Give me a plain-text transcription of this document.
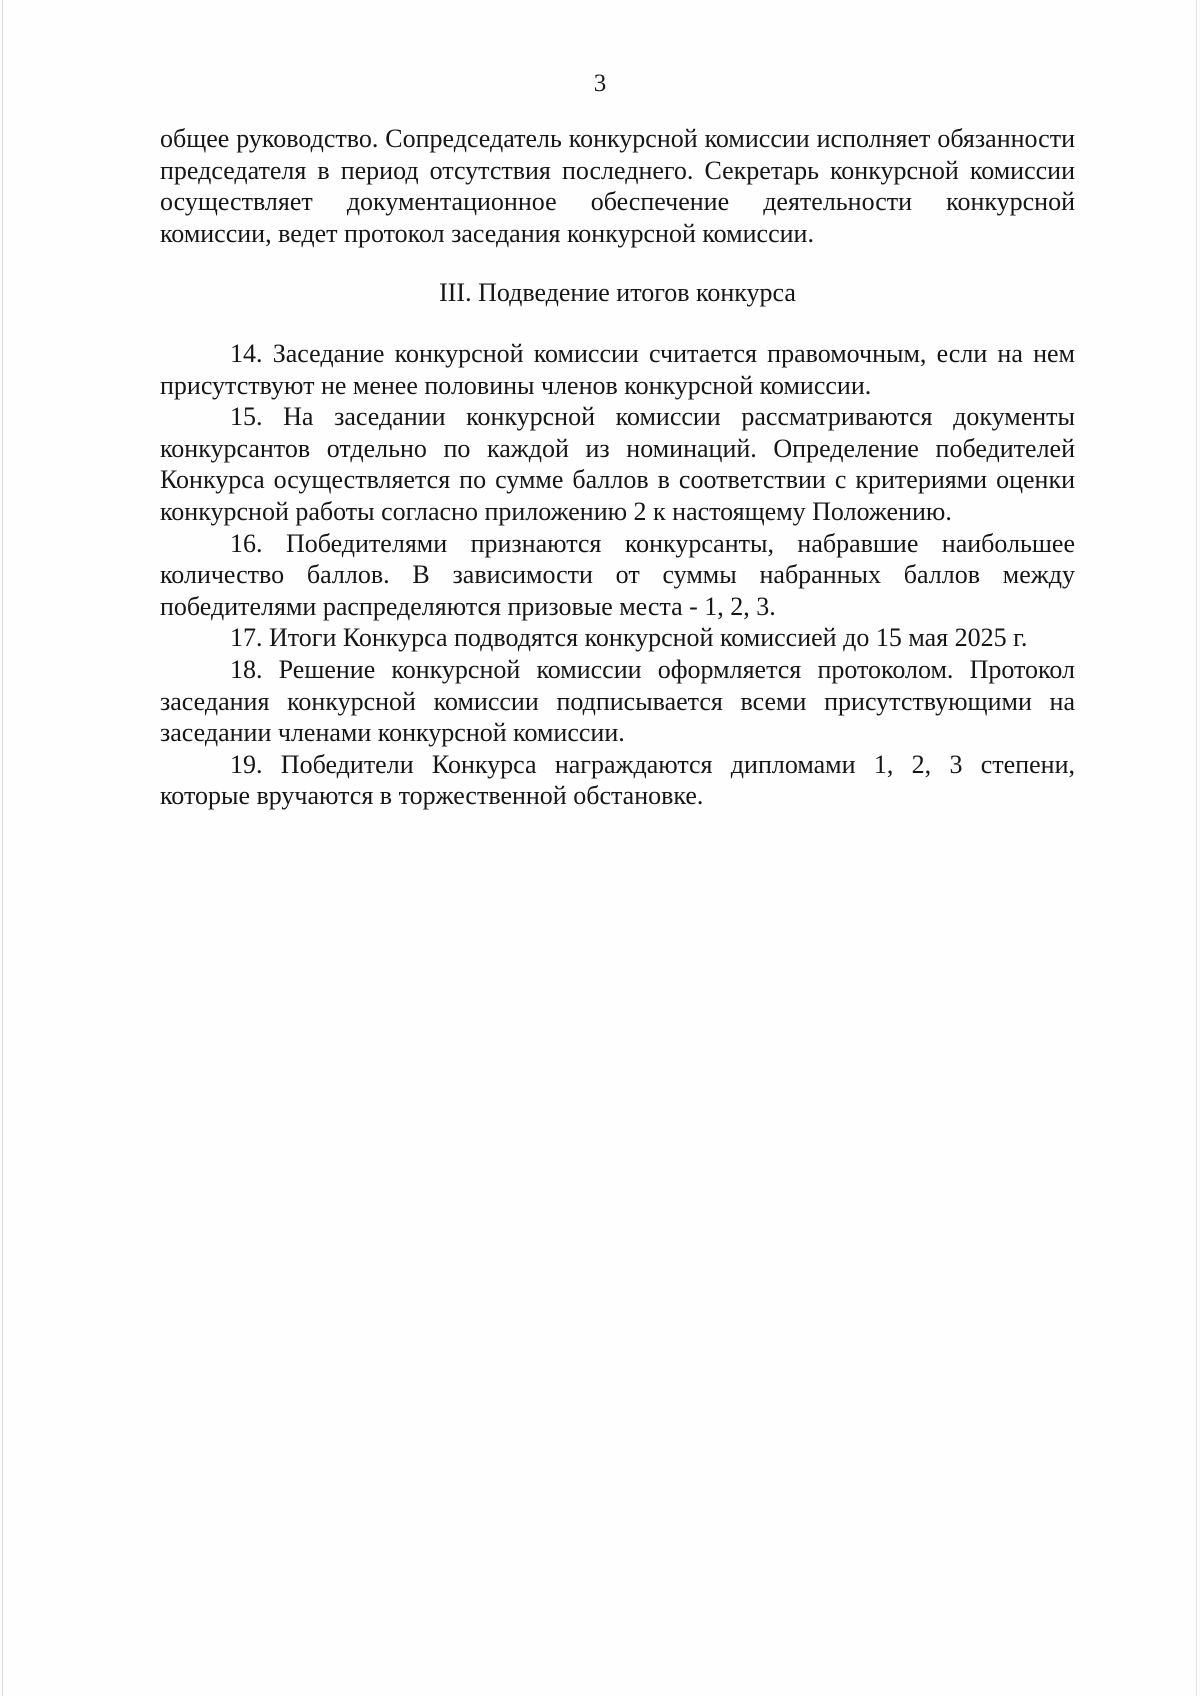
3

общее руководство. Сопредседатель конкурсной комиссии исполняет обязанности председателя в период отсутствия последнего. Секретарь конкурсной комиссии осуществляет документационное обеспечение деятельности конкурсной комиссии, ведет протокол заседания конкурсной комиссии.

III. Подведение итогов конкурса

14. Заседание конкурсной комиссии считается правомочным, если на нем присутствуют не менее половины членов конкурсной комиссии.

15. На заседании конкурсной комиссии рассматриваются документы конкурсантов отдельно по каждой из номинаций. Определение победителей Конкурса осуществляется по сумме баллов в соответствии с критериями оценки конкурсной работы согласно приложению 2 к настоящему Положению.

16. Победителями признаются конкурсанты, набравшие наибольшее количество баллов. В зависимости от суммы набранных баллов между победителями распределяются призовые места - 1, 2, 3.

17. Итоги Конкурса подводятся конкурсной комиссией до 15 мая 2025 г.

18. Решение конкурсной комиссии оформляется протоколом. Протокол заседания конкурсной комиссии подписывается всеми присутствующими на заседании членами конкурсной комиссии.

19. Победители Конкурса награждаются дипломами 1, 2, 3 степени, которые вручаются в торжественной обстановке.
